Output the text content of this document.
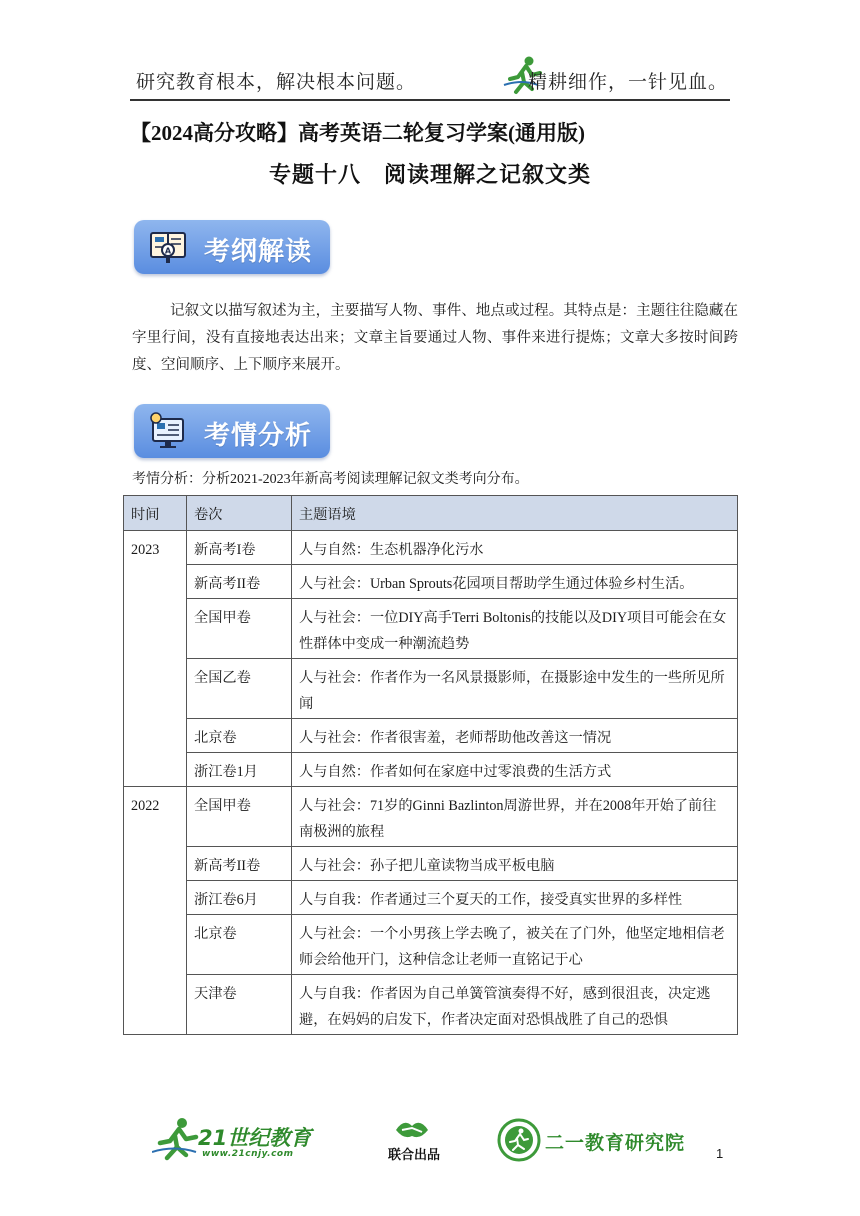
研究教育根本，解决根本问题。	精耕细作，一针见血。
【2024高分攻略】高考英语二轮复习学案(通用版)
专题十八　阅读理解之记叙文类
A 考纲解读
记叙文以描写叙述为主，主要描写人物、事件、地点或过程。其特点是：主题往往隐藏在字里行间，没有直接地表达出来；文章主旨要通过人物、事件来进行提炼；文章大多按时间跨度、空间顺序、上下顺序来展开。
考情分析
考情分析：分析2021-2023年新高考阅读理解记叙文类考向分布。
时间	卷次	主题语境
2023	新高考I卷	人与自然：生态机器净化污水
	新高考II卷	人与社会：Urban Sprouts花园项目帮助学生通过体验乡村生活。
	全国甲卷	人与社会：一位DIY高手Terri Boltonis的技能以及DIY项目可能会在女性群体中变成一种潮流趋势
	全国乙卷	人与社会：作者作为一名风景摄影师，在摄影途中发生的一些所见所闻
	北京卷	人与社会：作者很害羞，老师帮助他改善这一情况
	浙江卷1月	人与自然：作者如何在家庭中过零浪费的生活方式
2022	全国甲卷	人与社会：71岁的Ginni Bazlinton周游世界，并在2008年开始了前往南极洲的旅程
	新高考II卷	人与社会：孙子把儿童读物当成平板电脑
	浙江卷6月	人与自我：作者通过三个夏天的工作，接受真实世界的多样性
	北京卷	人与社会：一个小男孩上学去晚了，被关在了门外，他坚定地相信老师会给他开门，这种信念让老师一直铭记于心
	天津卷	人与自我：作者因为自己单簧管演奏得不好，感到很沮丧，决定逃避，在妈妈的启发下，作者决定面对恐惧战胜了自己的恐惧
21世纪教育
www.21cnjy.com	联合出品
二一教育研究院 1
